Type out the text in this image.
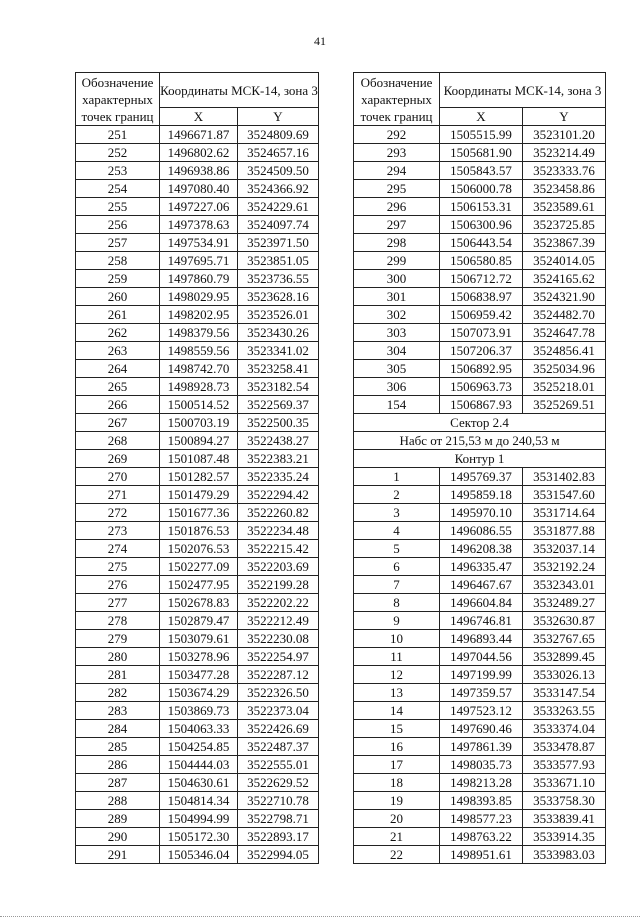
41
Обозначение характерных точек границ	Координаты МСК-14, зона 3	
	X	Y
251	1496671.87	3524809.69
252	1496802.62	3524657.16
253	1496938.86	3524509.50
254	1497080.40	3524366.92
255	1497227.06	3524229.61
256	1497378.63	3524097.74
257	1497534.91	3523971.50
258	1497695.71	3523851.05
259	1497860.79	3523736.55
260	1498029.95	3523628.16
261	1498202.95	3523526.01
262	1498379.56	3523430.26
263	1498559.56	3523341.02
264	1498742.70	3523258.41
265	1498928.73	3523182.54
266	1500514.52	3522569.37
267	1500703.19	3522500.35
268	1500894.27	3522438.27
269	1501087.48	3522383.21
270	1501282.57	3522335.24
271	1501479.29	3522294.42
272	1501677.36	3522260.82
273	1501876.53	3522234.48
274	1502076.53	3522215.42
275	1502277.09	3522203.69
276	1502477.95	3522199.28
277	1502678.83	3522202.22
278	1502879.47	3522212.49
279	1503079.61	3522230.08
280	1503278.96	3522254.97
281	1503477.28	3522287.12
282	1503674.29	3522326.50
283	1503869.73	3522373.04
284	1504063.33	3522426.69
285	1504254.85	3522487.37
286	1504444.03	3522555.01
287	1504630.61	3522629.52
288	1504814.34	3522710.78
289	1504994.99	3522798.71
290	1505172.30	3522893.17
291	1505346.04	3522994.05
Обозначение характерных точек границ	Координаты МСК-14, зона 3	
	X	Y
292	1505515.99	3523101.20
293	1505681.90	3523214.49
294	1505843.57	3523333.76
295	1506000.78	3523458.86
296	1506153.31	3523589.61
297	1506300.96	3523725.85
298	1506443.54	3523867.39
299	1506580.85	3524014.05
300	1506712.72	3524165.62
301	1506838.97	3524321.90
302	1506959.42	3524482.70
303	1507073.91	3524647.78
304	1507206.37	3524856.41
305	1506892.95	3525034.96
306	1506963.73	3525218.01
154	1506867.93	3525269.51
Сектор 2.4		
Набс от 215,53 м до 240,53 м		
Контур 1		
1	1495769.37	3531402.83
2	1495859.18	3531547.60
3	1495970.10	3531714.64
4	1496086.55	3531877.88
5	1496208.38	3532037.14
6	1496335.47	3532192.24
7	1496467.67	3532343.01
8	1496604.84	3532489.27
9	1496746.81	3532630.87
10	1496893.44	3532767.65
11	1497044.56	3532899.45
12	1497199.99	3533026.13
13	1497359.57	3533147.54
14	1497523.12	3533263.55
15	1497690.46	3533374.04
16	1497861.39	3533478.87
17	1498035.73	3533577.93
18	1498213.28	3533671.10
19	1498393.85	3533758.30
20	1498577.23	3533839.41
21	1498763.22	3533914.35
22	1498951.61	3533983.03
